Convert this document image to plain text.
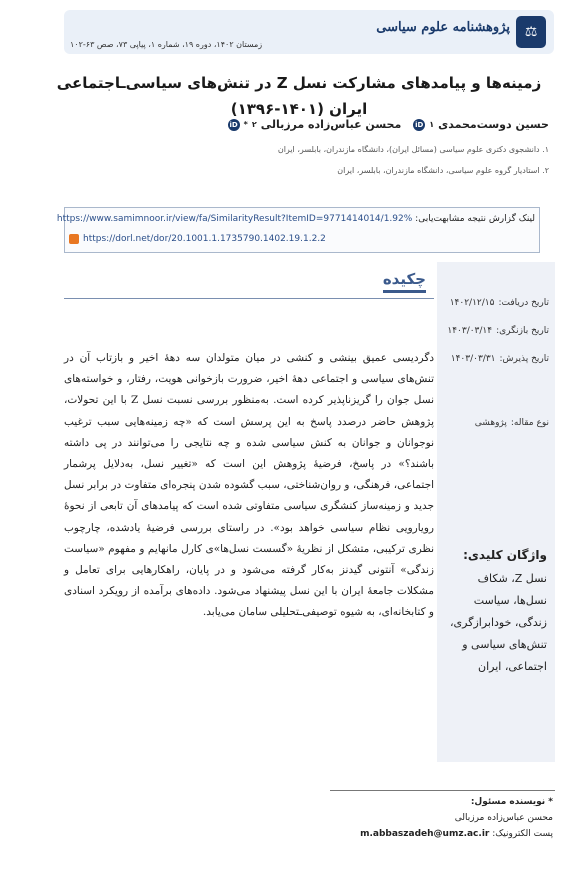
⚖
پژوهشنامه علوم سیاسی
زمستان ۱۴۰۲، دوره ۱۹، شماره ۱، پیاپی ۷۳، صص ۶۳-۱۰۲
زمینه‌ها و پیامدهای مشارکت نسل Z در تنش‌های سیاسی‌ـاجتماعی ایران (۱۴۰۱-۱۳۹۶)
حسین دوست‌محمدی
۱
iD
محسن عباس‌زاده مرزبالی
۲
*
iD
۱. دانشجوی دکتری علوم سیاسی (مسائل ایران)، دانشگاه مازندران، بابلسر، ایران
۲. استادیار گروه علوم سیاسی، دانشگاه مازندران، بابلسر، ایران
لینک گزارش نتیجه مشابهت‌یابی: https://www.samimnoor.ir/view/fa/SimilarityResult?ItemID=9771414014/1.92%
https://dorl.net/dor/20.1001.1.1735790.1402.19.1.2.2
چکیده
تاریخ دریافت:۱۴۰۲/۱۲/۱۵
تاریخ بازنگری:۱۴۰۳/۰۳/۱۴
تاریخ پذیرش:۱۴۰۳/۰۳/۳۱
نوع مقاله:پژوهشی
واژگان کلیدی:
نسل Z، شکاف نسل‌ها، سیاست زندگی، خودابرازگری، تنش‌های سیاسی و اجتماعی، ایران
دگردیسی عمیق بینشی و کنشی در میان متولدان سه دههٔ اخیر و بازتاب آن در تنش‌های سیاسی و اجتماعی دههٔ اخیر، ضرورت بازخوانی هویت، رفتار، و خواسته‌های نسل جوان را گریزناپذیر کرده است. به‌منظور بررسی نسبت نسل Z با این تحولات، پژوهش حاضر درصدد پاسخ به این پرسش است که «چه زمینه‌هایی سبب ترغیب نوجوانان و جوانان به کنش سیاسی شده و چه نتایجی را می‌توانند در پی داشته باشند؟» در پاسخ، فرضیهٔ پژوهش این است که «تغییر نسل، به‌دلایل پرشمار اجتماعی، فرهنگی، و روان‌شناختی، سبب گشوده شدن پنجره‌ای متفاوت در برابر نسل جدید و زمینه‌ساز کنشگری سیاسی متفاوتی شده است که پیامدهای آن تابعی از نحوهٔ رویارویی نظام سیاسی خواهد بود». در راستای بررسی فرضیهٔ یادشده، چارچوب نظری ترکیبی، متشکل از نظریهٔ «گسست نسل‌ها»ی کارل مانهایم و مفهوم «سیاست زندگی» آنتونی گیدنز به‌کار گرفته می‌شود و در پایان، راهکارهایی برای تعامل و مشکلات جامعهٔ ایران با این نسل پیشنهاد می‌شود. داده‌های برآمده از رویکرد اسنادی و کتابخانه‌ای، به شیوه توصیفی‌ـتحلیلی سامان می‌یابد.
* نویسنده مسئول:
محسن عباس‌زاده مرزبالی
پست الکترونیک: m.abbaszadeh@umz.ac.ir
